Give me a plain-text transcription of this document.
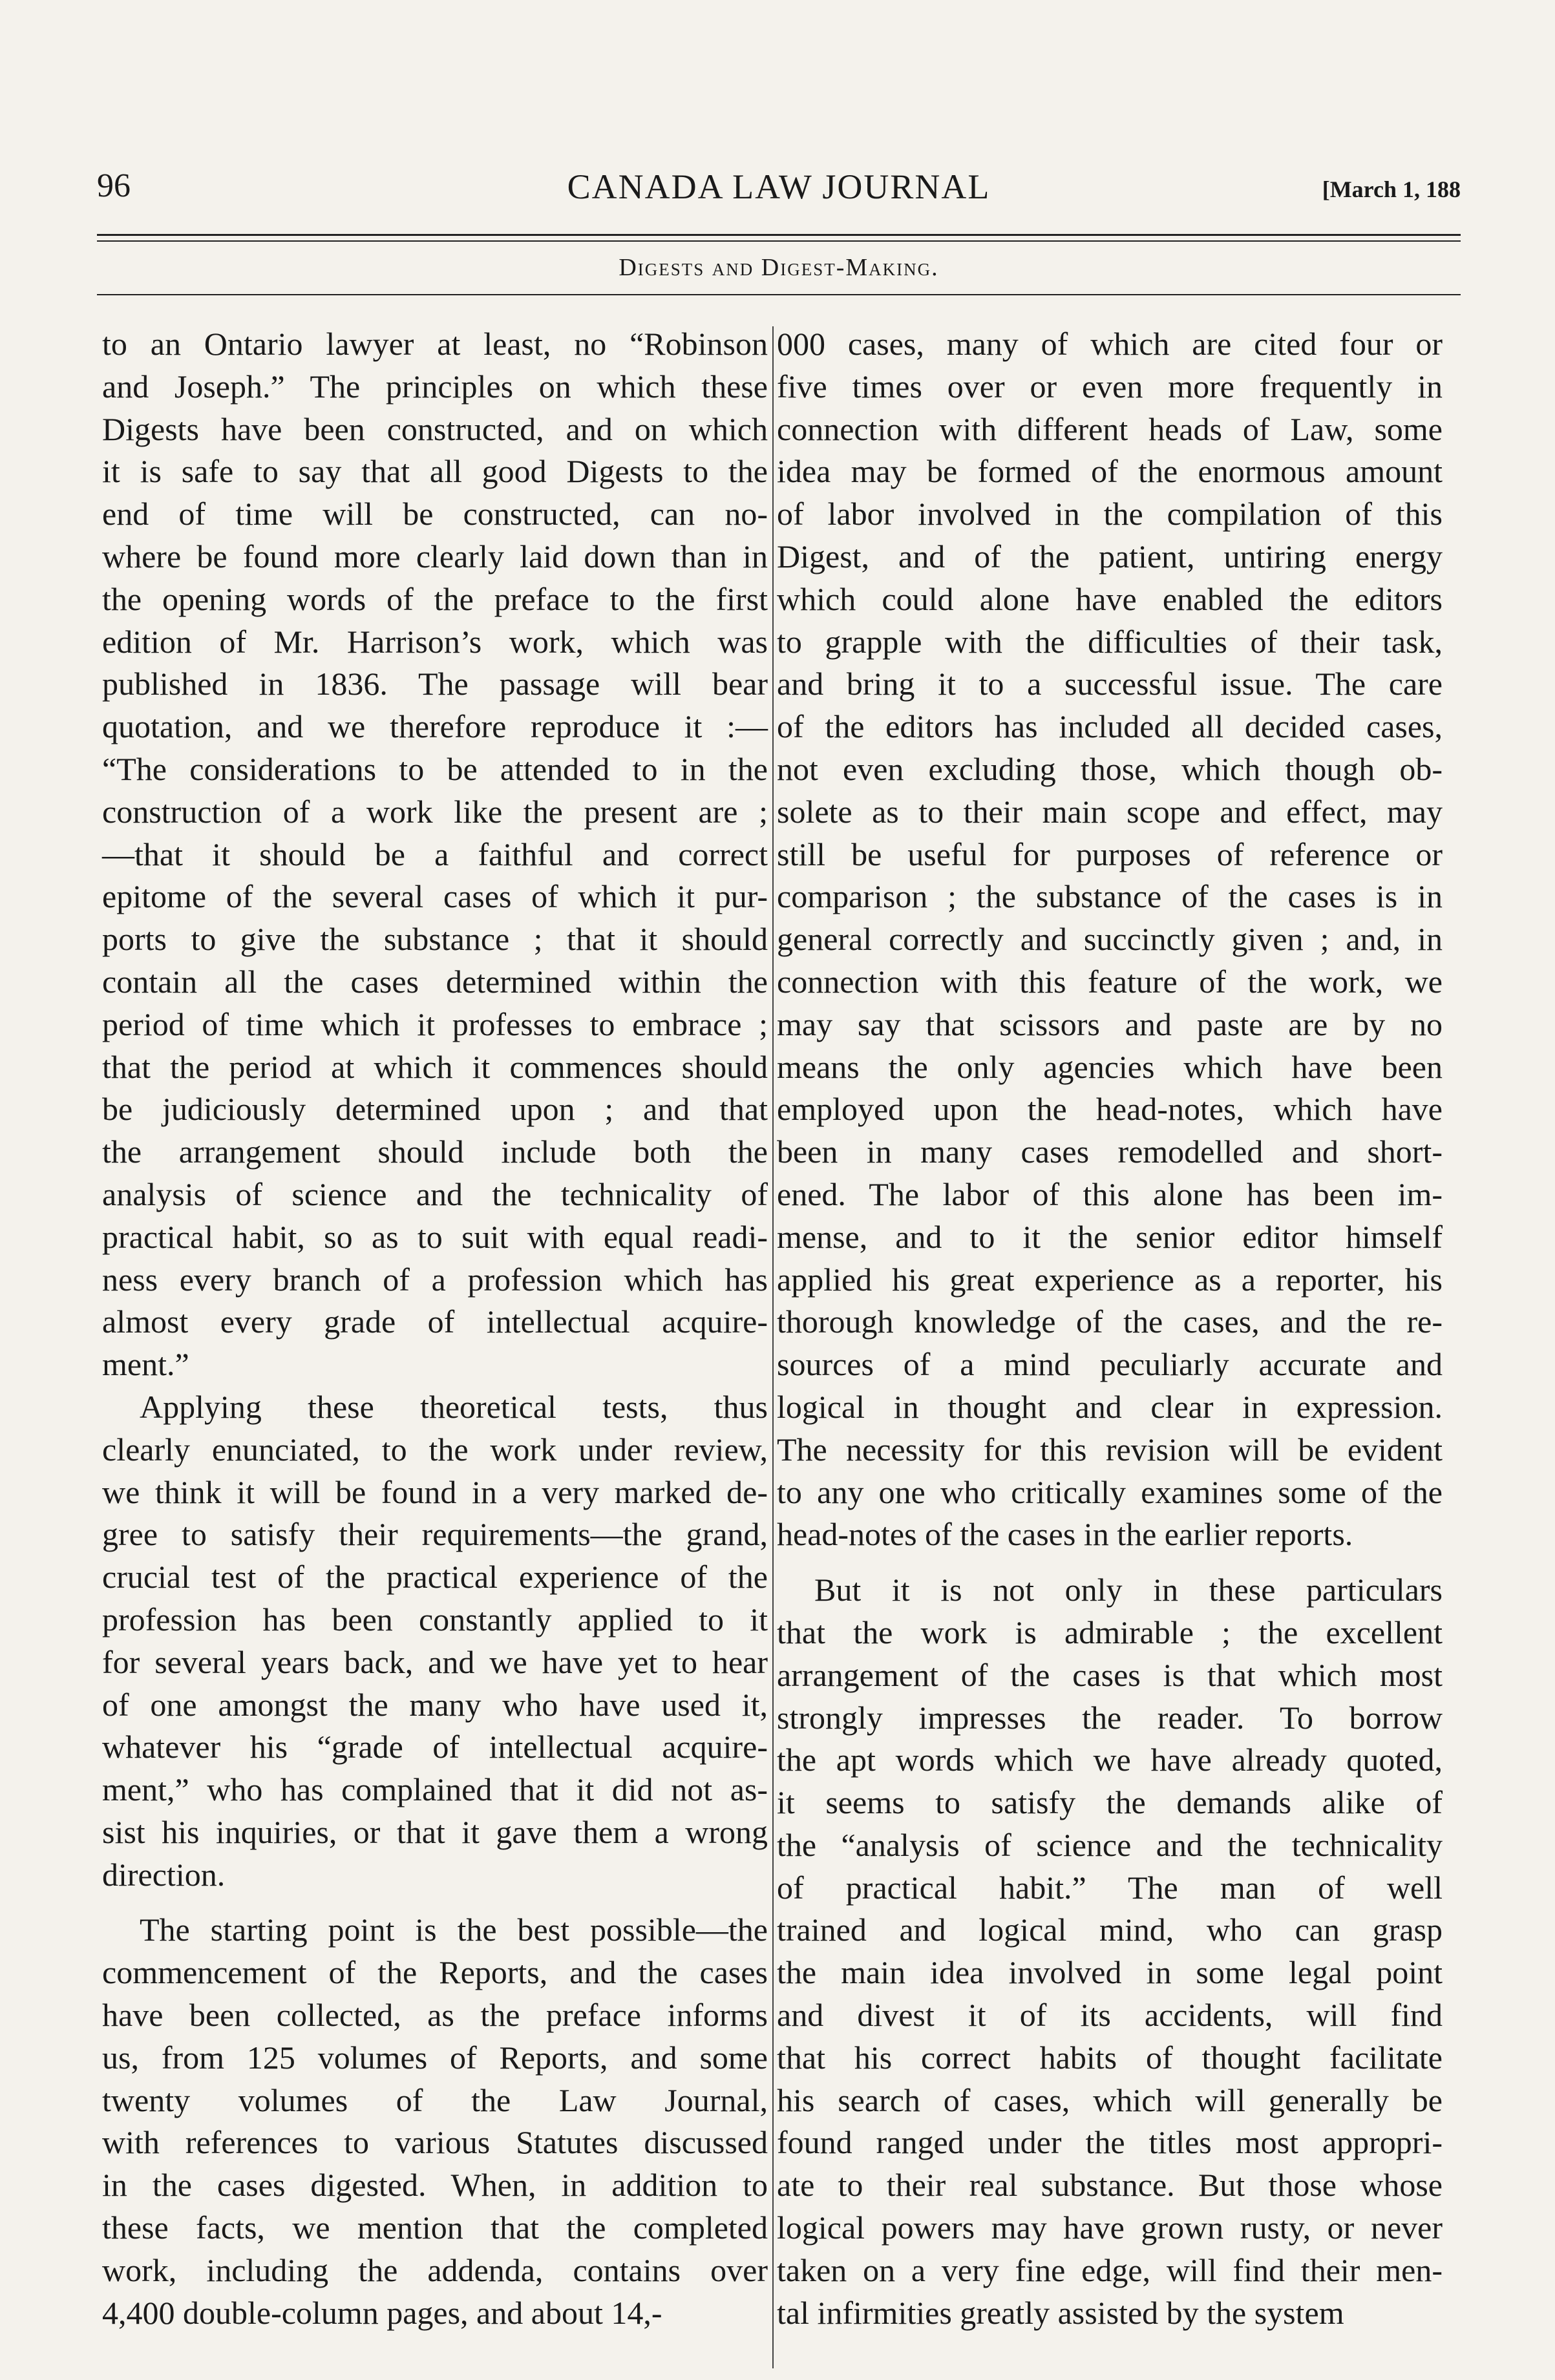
96	CANADA LAW JOURNAL	[March 1, 188
Digests and Digest-Making.
to an Ontario lawyer at least, no “Robinson
and Joseph.” The principles on which these
Digests have been constructed, and on which
it is safe to say that all good Digests to the
end of time will be constructed, can no-
where be found more clearly laid down than in
the opening words of the preface to the first
edition of Mr. Harrison’s work, which was
published in 1836. The passage will bear
quotation, and we therefore reproduce it :—
“The considerations to be attended to in the
construction of a work like the present are ;
—that it should be a faithful and correct
epitome of the several cases of which it pur-
ports to give the substance ; that it should
contain all the cases determined within the
period of time which it professes to embrace ;
that the period at which it commences should
be judiciously determined upon ; and that
the arrangement should include both the
analysis of science and the technicality of
practical habit, so as to suit with equal readi-
ness every branch of a profession which has
almost every grade of intellectual acquire-
ment.”
Applying these theoretical tests, thus
clearly enunciated, to the work under review,
we think it will be found in a very marked de-
gree to satisfy their requirements—the grand,
crucial test of the practical experience of the
profession has been constantly applied to it
for several years back, and we have yet to hear
of one amongst the many who have used it,
whatever his “grade of intellectual acquire-
ment,” who has complained that it did not as-
sist his inquiries, or that it gave them a wrong
direction.
The starting point is the best possible—the
commencement of the Reports, and the cases
have been collected, as the preface informs
us, from 125 volumes of Reports, and some
twenty volumes of the Law Journal,
with references to various Statutes discussed
in the cases digested. When, in addition to
these facts, we mention that the completed
work, including the addenda, contains over
4,400 double-column pages, and about 14,-
000 cases, many of which are cited four or
five times over or even more frequently in
connection with different heads of Law, some
idea may be formed of the enormous amount
of labor involved in the compilation of this
Digest, and of the patient, untiring energy
which could alone have enabled the editors
to grapple with the difficulties of their task,
and bring it to a successful issue. The care
of the editors has included all decided cases,
not even excluding those, which though ob-
solete as to their main scope and effect, may
still be useful for purposes of reference or
comparison ; the substance of the cases is in
general correctly and succinctly given ; and, in
connection with this feature of the work, we
may say that scissors and paste are by no
means the only agencies which have been
employed upon the head-notes, which have
been in many cases remodelled and short-
ened. The labor of this alone has been im-
mense, and to it the senior editor himself
applied his great experience as a reporter, his
thorough knowledge of the cases, and the re-
sources of a mind peculiarly accurate and
logical in thought and clear in expression.
The necessity for this revision will be evident
to any one who critically examines some of the
head-notes of the cases in the earlier reports.
But it is not only in these particulars
that the work is admirable ; the excellent
arrangement of the cases is that which most
strongly impresses the reader. To borrow
the apt words which we have already quoted,
it seems to satisfy the demands alike of
the “analysis of science and the technicality
of practical habit.” The man of well
trained and logical mind, who can grasp
the main idea involved in some legal point
and divest it of its accidents, will find
that his correct habits of thought facilitate
his search of cases, which will generally be
found ranged under the titles most appropri-
ate to their real substance. But those whose
logical powers may have grown rusty, or never
taken on a very fine edge, will find their men-
tal infirmities greatly assisted by the system
